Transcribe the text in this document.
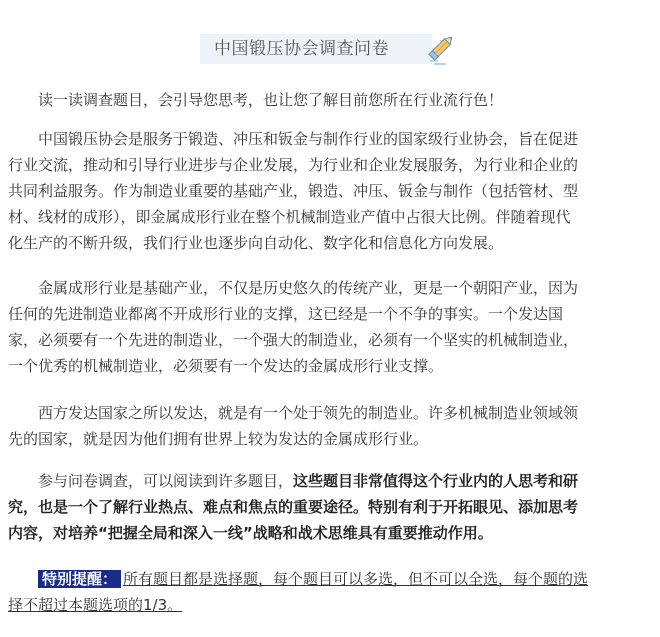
中国锻压协会调查问卷

读一读调查题目，会引导您思考，也让您了解目前您所在行业流行色！

中国锻压协会是服务于锻造、冲压和钣金与制作行业的国家级行业协会，旨在促进
行业交流，推动和引导行业进步与企业发展，为行业和企业发展服务，为行业和企业的
共同利益服务。作为制造业重要的基础产业，锻造、冲压、钣金与制作（包括管材、型
材、线材的成形），即金属成形行业在整个机械制造业产值中占很大比例。伴随着现代
化生产的不断升级，我们行业也逐步向自动化、数字化和信息化方向发展。

金属成形行业是基础产业，不仅是历史悠久的传统产业，更是一个朝阳产业，因为
任何的先进制造业都离不开成形行业的支撑，这已经是一个不争的事实。一个发达国
家，必须要有一个先进的制造业，一个强大的制造业，必须有一个坚实的机械制造业，
一个优秀的机械制造业，必须要有一个发达的金属成形行业支撑。

西方发达国家之所以发达，就是有一个处于领先的制造业。许多机械制造业领域领
先的国家，就是因为他们拥有世界上较为发达的金属成形行业。

参与问卷调查，可以阅读到许多题目，这些题目非常值得这个行业内的人思考和研
究，也是一个了解行业热点、难点和焦点的重要途径。特别有利于开拓眼见、添加思考
内容，对培养“把握全局和深入一线”战略和战术思维具有重要推动作用。

特别提醒： 所有题目都是选择题，每个题目可以多选，但不可以全选，每个题的选
择不超过本题选项的1/3。
